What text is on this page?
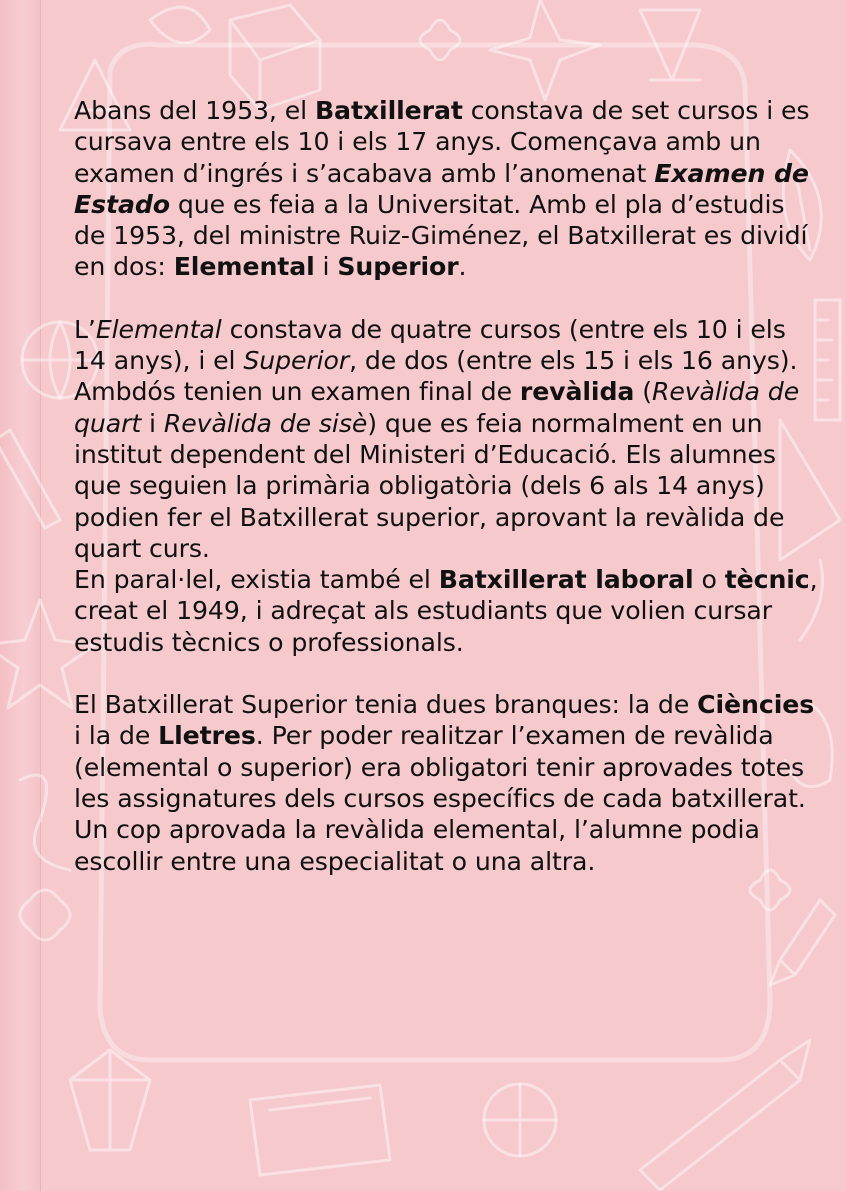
Abans del 1953, el Batxillerat constava de set cursos i es cursava entre els 10 i els 17 anys. Començava amb un examen d’ingrés i s’acabava amb l’anomenat Examen de Estado que es feia a la Universitat. Amb el pla d’estudis de 1953, del ministre Ruiz-Giménez, el Batxillerat es dividí en dos: Elemental i Superior.

L’Elemental constava de quatre cursos (entre els 10 i els 14 anys), i el Superior, de dos (entre els 15 i els 16 anys). Ambdós tenien un examen final de revàlida (Revàlida de quart i Revàlida de sisè) que es feia normalment en un institut dependent del Ministeri d’Educació. Els alumnes que seguien la primària obligatòria (dels 6 als 14 anys) podien fer el Batxillerat superior, aprovant la revàlida de quart curs.

En paral·lel, existia també el Batxillerat laboral o tècnic, creat el 1949, i adreçat als estudiants que volien cursar estudis tècnics o professionals.

El Batxillerat Superior tenia dues branques: la de Ciències i la de Lletres. Per poder realitzar l’examen de revàlida (elemental o superior) era obligatori tenir aprovades totes les assignatures dels cursos específics de cada batxillerat. Un cop aprovada la revàlida elemental, l’alumne podia escollir entre una especialitat o una altra.
